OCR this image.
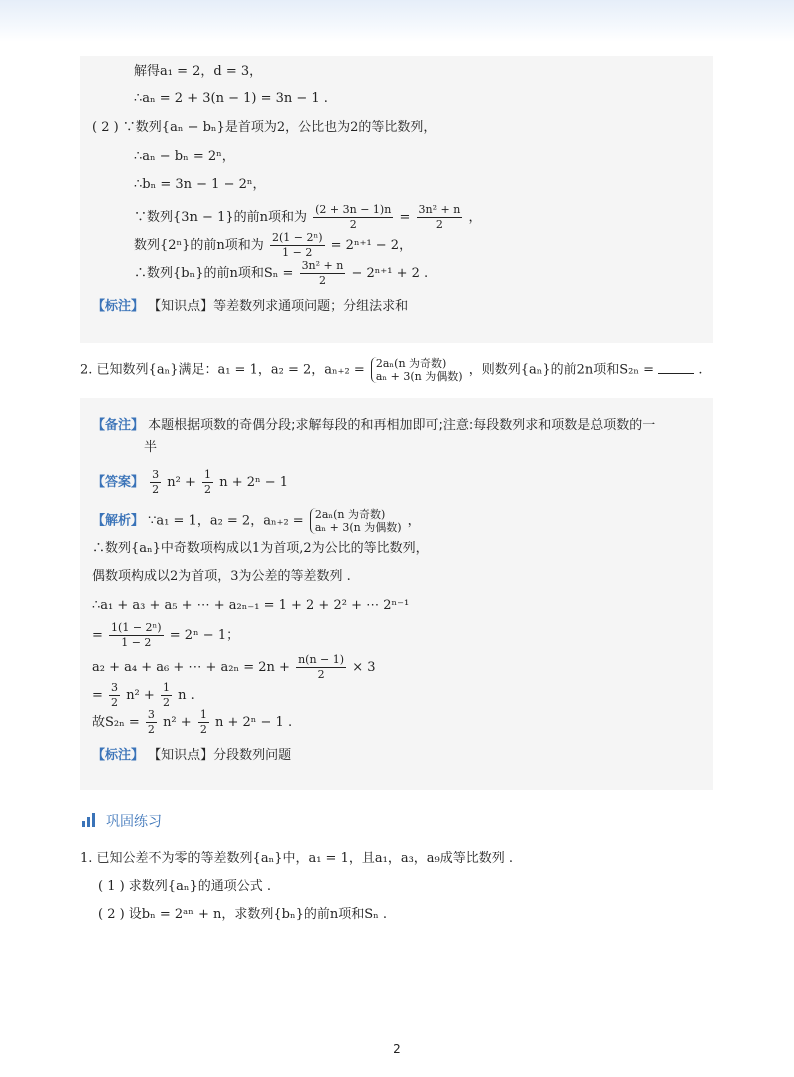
解得a₁ = 2，d = 3，
∴aₙ = 2 + 3(n − 1) = 3n − 1 .
( 2 ) ∵数列{aₙ − bₙ}是首项为2，公比也为2的等比数列，
∴aₙ − bₙ = 2ⁿ，
∴bₙ = 3n − 1 − 2ⁿ，
∵数列{3n − 1}的前n项和为 $\frac{(2 + 3n - 1)n}{2} = \frac{\text{3n² + n}}{2}$ ，
数列{2ⁿ}的前n项和为 $\frac{\text{2(1 − 2ⁿ)}}{1 - 2} = 2^{n+1} - 2$，
∴数列{bₙ}的前n项和$S_n = \frac{\text{3n² + n}}{2} - 2^{n+1} + 2$ .
【标注】 【知识点】等差数列求通项问题；分组法求和
2. 已知数列{aₙ}满足：a₁ = 1，a₂ = 2，aₙ₊₂ = 2aₙ(n 为奇数)
aₙ + 3(n 为偶数) ，则数列{aₙ}的前2n项和S₂ₙ =	.
【备注】 本题根据项数的奇偶分段;求解每段的和再相加即可;注意:每段数列求和项数是总项数的一
半
【答案】 $\frac{3}{2} n^2 + \frac{1}{2}$ n + 2ⁿ − 1
【解析】 ∵a₁ = 1，a₂ = 2，aₙ₊₂ = 2aₙ(n 为奇数)
aₙ + 3(n 为偶数) ，
∴数列{aₙ}中奇数项构成以1为首项,2为公比的等比数列，
偶数项构成以2为首项，3为公差的等差数列 .
∴a₁ + a₃ + a₅ + ⋯ + a₂ₙ₋₁ = 1 + 2 + 2² + ⋯ 2ⁿ⁻¹
= $\frac{\text{1(1 − 2ⁿ)}}{1 - 2} = 2^n - 1$；
a₂ + a₄ + a₆ + ⋯ + $a_{2n} = 2n + \frac{n(n - 1)}{2} \times 3$
= $\frac{3}{2} n^2 + \frac{1}{2}$ n .
故$S_{2n} = \frac{3}{2} n^2 + \frac{1}{2}$ n + 2ⁿ − 1 .
【标注】 【知识点】分段数列问题
巩固练习
1. 已知公差不为零的等差数列{aₙ}中，a₁ = 1，且a₁，a₃，a₉成等比数列 .
( 1 ) 求数列{aₙ}的通项公式 .
( 2 ) 设bₙ = 2ᵃⁿ + n，求数列{bₙ}的前n项和Sₙ .
2
